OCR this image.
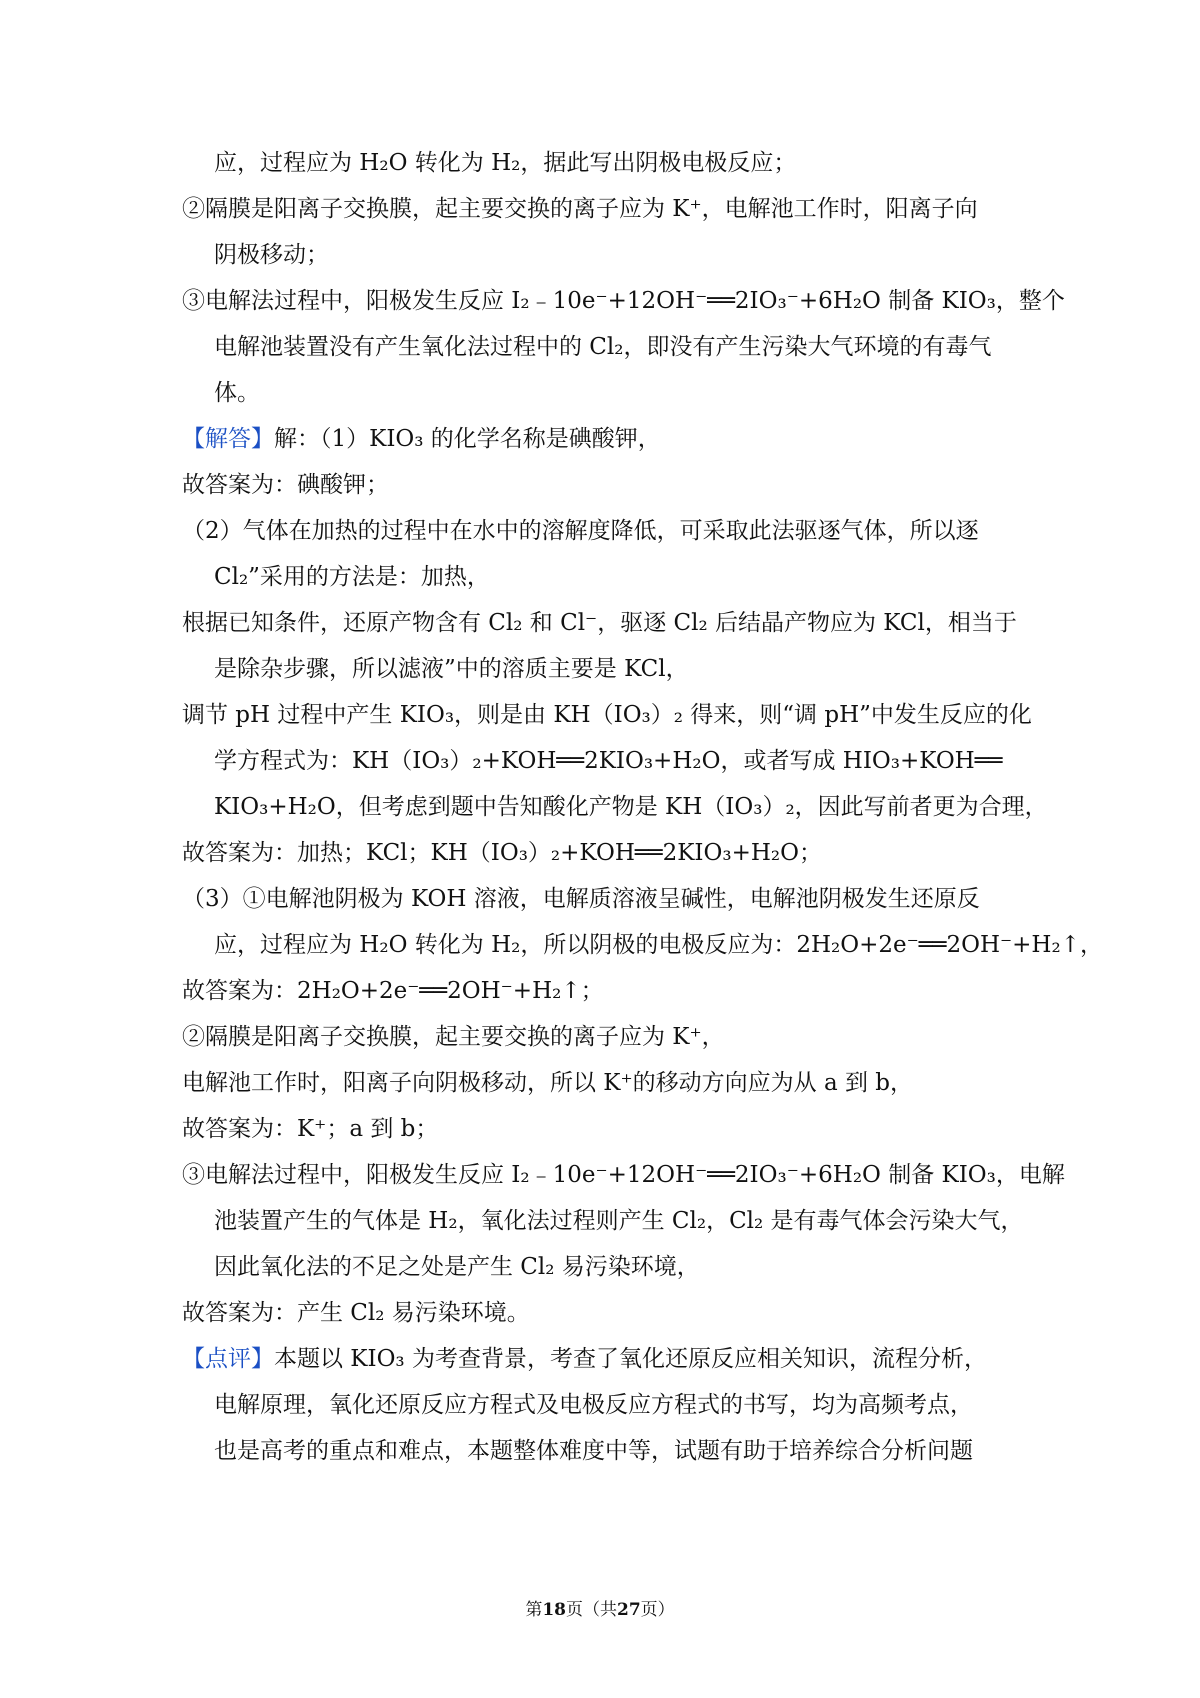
应，过程应为 H₂O 转化为 H₂，据此写出阴极电极反应；
②隔膜是阳离子交换膜，起主要交换的离子应为 K⁺，电解池工作时，阳离子向
阴极移动；
③电解法过程中，阳极发生反应 I₂﹣10e⁻+12OH⁻══2IO₃⁻+6H₂O 制备 KIO₃，整个
电解池装置没有产生氧化法过程中的 Cl₂，即没有产生污染大气环境的有毒气
体。
【解答】解：（1）KIO₃ 的化学名称是碘酸钾，
故答案为：碘酸钾；
（2）气体在加热的过程中在水中的溶解度降低，可采取此法驱逐气体，所以逐
Cl₂”采用的方法是：加热，
根据已知条件，还原产物含有 Cl₂ 和 Cl⁻，驱逐 Cl₂ 后结晶产物应为 KCl，相当于
是除杂步骤，所以滤液”中的溶质主要是 KCl，
调节 pH 过程中产生 KIO₃，则是由 KH（IO₃）₂ 得来，则“调 pH”中发生反应的化
学方程式为：KH（IO₃）₂+KOH══2KIO₃+H₂O，或者写成 HIO₃+KOH══
KIO₃+H₂O，但考虑到题中告知酸化产物是 KH（IO₃）₂，因此写前者更为合理，
故答案为：加热；KCl；KH（IO₃）₂+KOH══2KIO₃+H₂O；
（3）①电解池阴极为 KOH 溶液，电解质溶液呈碱性，电解池阴极发生还原反
应，过程应为 H₂O 转化为 H₂，所以阴极的电极反应为：2H₂O+2e⁻══2OH⁻+H₂↑，
故答案为：2H₂O+2e⁻══2OH⁻+H₂↑；
②隔膜是阳离子交换膜，起主要交换的离子应为 K⁺，
电解池工作时，阳离子向阴极移动，所以 K⁺的移动方向应为从 a 到 b，
故答案为：K⁺；a 到 b；
③电解法过程中，阳极发生反应 I₂﹣10e⁻+12OH⁻══2IO₃⁻+6H₂O 制备 KIO₃，电解
池装置产生的气体是 H₂，氧化法过程则产生 Cl₂，Cl₂ 是有毒气体会污染大气，
因此氧化法的不足之处是产生 Cl₂ 易污染环境，
故答案为：产生 Cl₂ 易污染环境。
【点评】本题以 KIO₃ 为考查背景，考查了氧化还原反应相关知识，流程分析，
电解原理，氧化还原反应方程式及电极反应方程式的书写，均为高频考点，
也是高考的重点和难点，本题整体难度中等，试题有助于培养综合分析问题
第18页（共27页）
